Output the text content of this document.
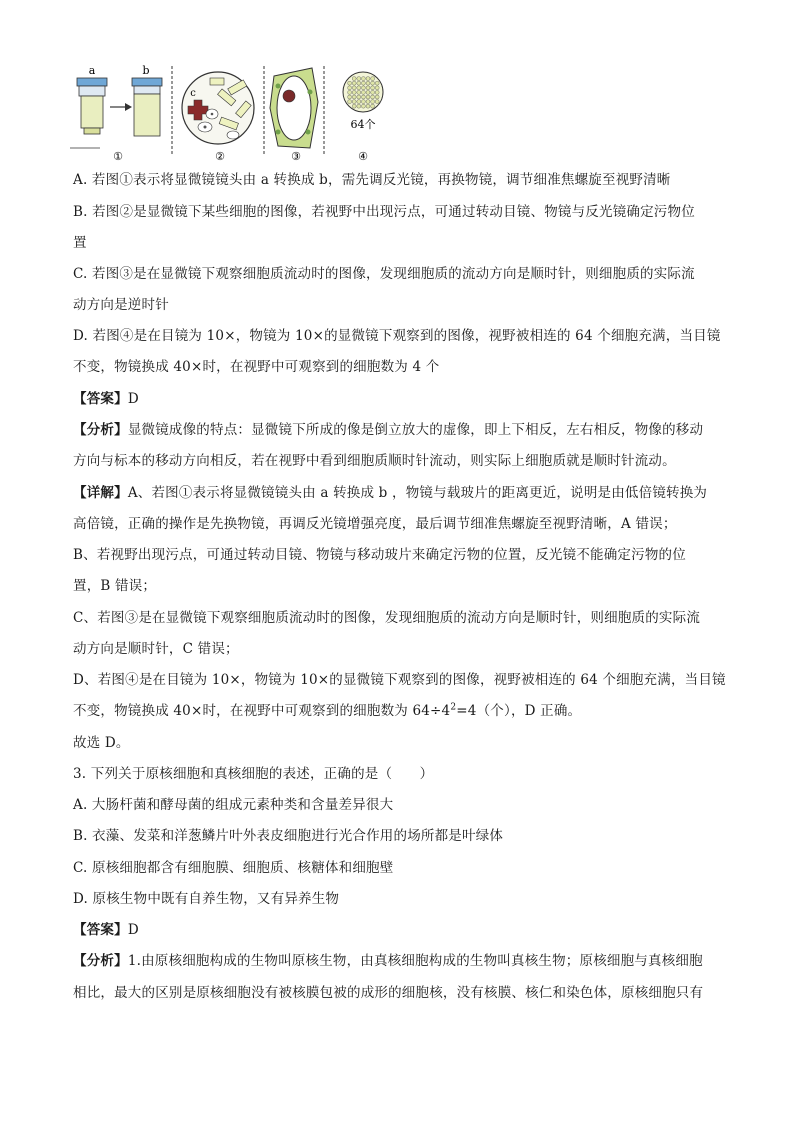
a	b
①
c
②	③
64个
④
A. 若图①表示将显微镜镜头由 a 转换成 b，需先调反光镜，再换物镜，调节细准焦螺旋至视野清晰
B. 若图②是显微镜下某些细胞的图像，若视野中出现污点，可通过转动目镜、物镜与反光镜确定污物位
置
C. 若图③是在显微镜下观察细胞质流动时的图像，发现细胞质的流动方向是顺时针，则细胞质的实际流
动方向是逆时针
D. 若图④是在目镜为 10×，物镜为 10×的显微镜下观察到的图像，视野被相连的 64 个细胞充满，当目镜
不变，物镜换成 40×时，在视野中可观察到的细胞数为 4 个
【答案】D
【分析】显微镜成像的特点：显微镜下所成的像是倒立放大的虚像，即上下相反，左右相反，物像的移动
方向与标本的移动方向相反，若在视野中看到细胞质顺时针流动，则实际上细胞质就是顺时针流动。
【详解】A、若图①表示将显微镜镜头由 a 转换成 b ，物镜与载玻片的距离更近，说明是由低倍镜转换为
高倍镜，正确的操作是先换物镜，再调反光镜增强亮度，最后调节细准焦螺旋至视野清晰，A 错误；
B、若视野出现污点，可通过转动目镜、物镜与移动玻片来确定污物的位置，反光镜不能确定污物的位
置，B 错误；
C、若图③是在显微镜下观察细胞质流动时的图像，发现细胞质的流动方向是顺时针，则细胞质的实际流
动方向是顺时针，C 错误；
D、若图④是在目镜为 10×，物镜为 10×的显微镜下观察到的图像，视野被相连的 64 个细胞充满，当目镜
不变，物镜换成 40×时，在视野中可观察到的细胞数为 $64\div 4^2=4$（个），D 正确。
故选 D。
3. 下列关于原核细胞和真核细胞的表述，正确的是（　　）
A. 大肠杆菌和酵母菌的组成元素种类和含量差异很大
B. 衣藻、发菜和洋葱鳞片叶外表皮细胞进行光合作用的场所都是叶绿体
C. 原核细胞都含有细胞膜、细胞质、核糖体和细胞壁
D. 原核生物中既有自养生物，又有异养生物
【答案】D
【分析】1.由原核细胞构成的生物叫原核生物，由真核细胞构成的生物叫真核生物；原核细胞与真核细胞
相比，最大的区别是原核细胞没有被核膜包被的成形的细胞核，没有核膜、核仁和染色体，原核细胞只有
